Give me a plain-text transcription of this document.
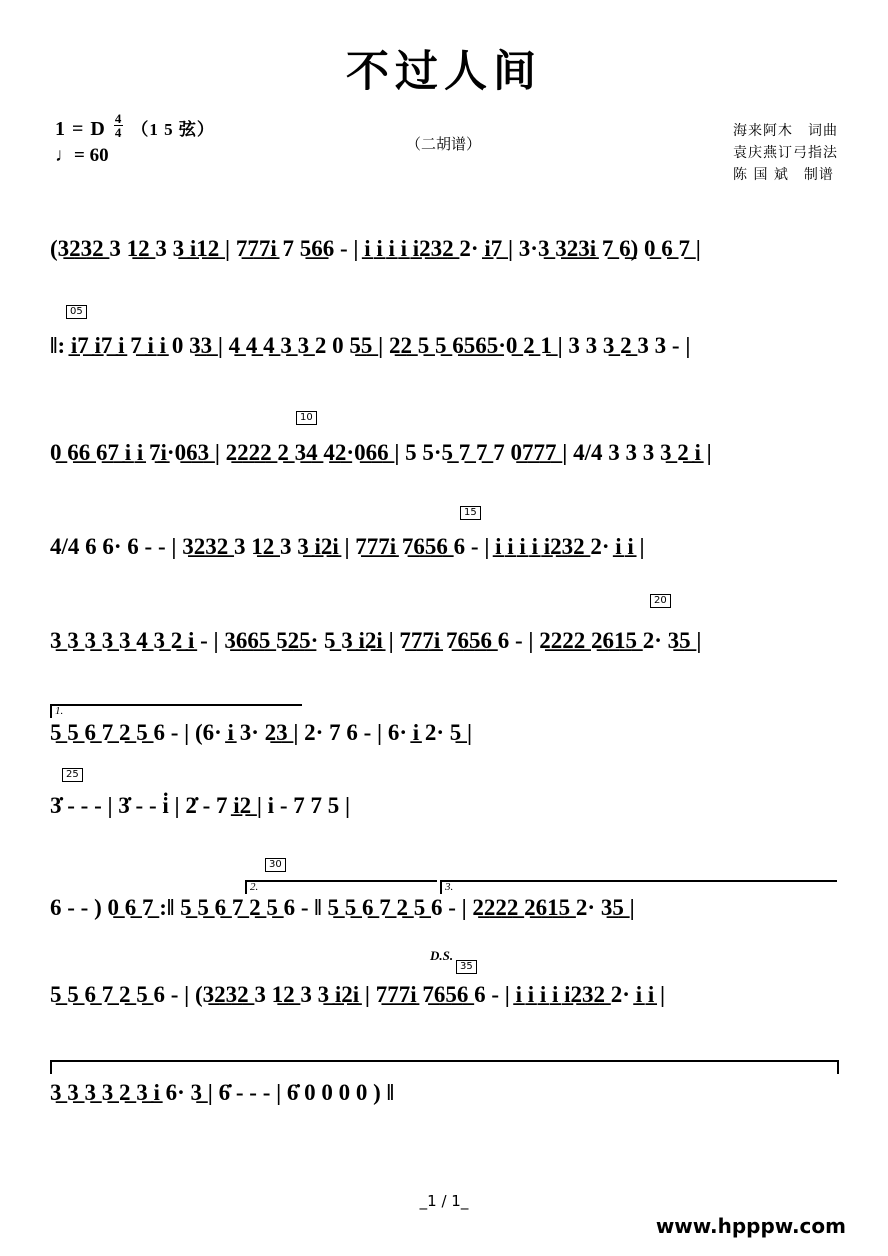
不过人间
1 = D $\frac{4}{4} (1$ 5 弦）
♩= 60
（二胡谱）
海来阿木　词曲
袁庆燕订弓指法
陈 国 斌　制谱
(3̲2̲3̲2̲ 3 1̲2̲ 3 3̲ i̲1̲2̲ | 7̲7̲7̲i̲ 7 5̲6̲6 - | i̲ i̲ i̲ i̲ i̲2̲3̲2̲ 2· i̲7̲ | 3·3̲ 3̲2̲3̲i̲ 7̲ 6̲) 0̲ 6̲ 7̲ |
05
‖: i̲7̲ i̲7̲ i̲ 7̲ i̲ i̲ 0 3̲3̲ | 4̲ 4̲ 4̲ 3̲ 3̲ 2 0 5̲5̲ | 2̲2̲ 5̲ 5̲ 6̲5̲6̲5̲·0̲ 2̲ 1̲ | 3 3 3̲ 2̲ 3 3 - |
10
0̲ 6̲6̲ 6̲7̲ i̲ i̲ 7̲i̲·0̲6̲3̲ | 2̲2̲2̲2̲ 2̲ 3̲4̲ 4̲2̲·0̲6̲6̲ | 5 5·5̲ 7̲ 7̲ 7 0̲7̲7̲7̲ | 4/4 3 3 3 3̲ 2̲ i̲ |
15
4/4 6 6· 6 - - | 3̲2̲3̲2̲ 3 1̲2̲ 3 3̲ i̲2̲i̲ | 7̲7̲7̲i̲ 7̲6̲5̲6̲ 6 - | i̲ i̲ i̲ i̲ i̲2̲3̲2̲ 2· i̲ i̲ |
20
3̲ 3̲ 3̲ 3̲ 3̲ 4̲ 3̲ 2̲ i̲ - | 3̲6̲6̲5̲ 5̲2̲5̲· 5̲ 3̲ i̲2̲i̲ | 7̲7̲7̲i̲ 7̲6̲5̲6̲ 6 - | 2̲2̲2̲2̲ 2̲6̲1̲5̲ 2· 3̲5̲ |
1.
5̲ 5̲ 6̲ 7̲ 2̲ 5̲ 6 - | (6· i̲ 3· 2̲3̲ | 2· 7 6 - | 6· i̲ 2· 5̲ |
25
3̇ - - - | 3̇ - - i̇ | 2̇ - 7 i̲2̲ | i - 7 7 5 |
30
2.	3.
6 - - ) 0̲ 6̲ 7̲ :‖ 5̲ 5̲ 6̲ 7̲ 2̲ 5̲ 6 - ‖ 5̲ 5̲ 6̲ 7̲ 2̲ 5̲ 6 - | 2̲2̲2̲2̲ 2̲6̲1̲5̲ 2· 3̲5̲ |
D.S.
35
5̲ 5̲ 6̲ 7̲ 2̲ 5̲ 6 - | (3̲2̲3̲2̲ 3 1̲2̲ 3 3̲ i̲2̲i̲ | 7̲7̲7̲i̲ 7̲6̲5̲6̲ 6 - | i̲ i̲ i̲ i̲ i̲2̲3̲2̲ 2· i̲ i̲ |
3̲ 3̲ 3̲ 3̲ 2̲ 3̲ i̲ 6· 3̲ | 6̇ - - - | 6̇ 0 0 0 0 ) ‖
_1 / 1_
www.hpppw.com
